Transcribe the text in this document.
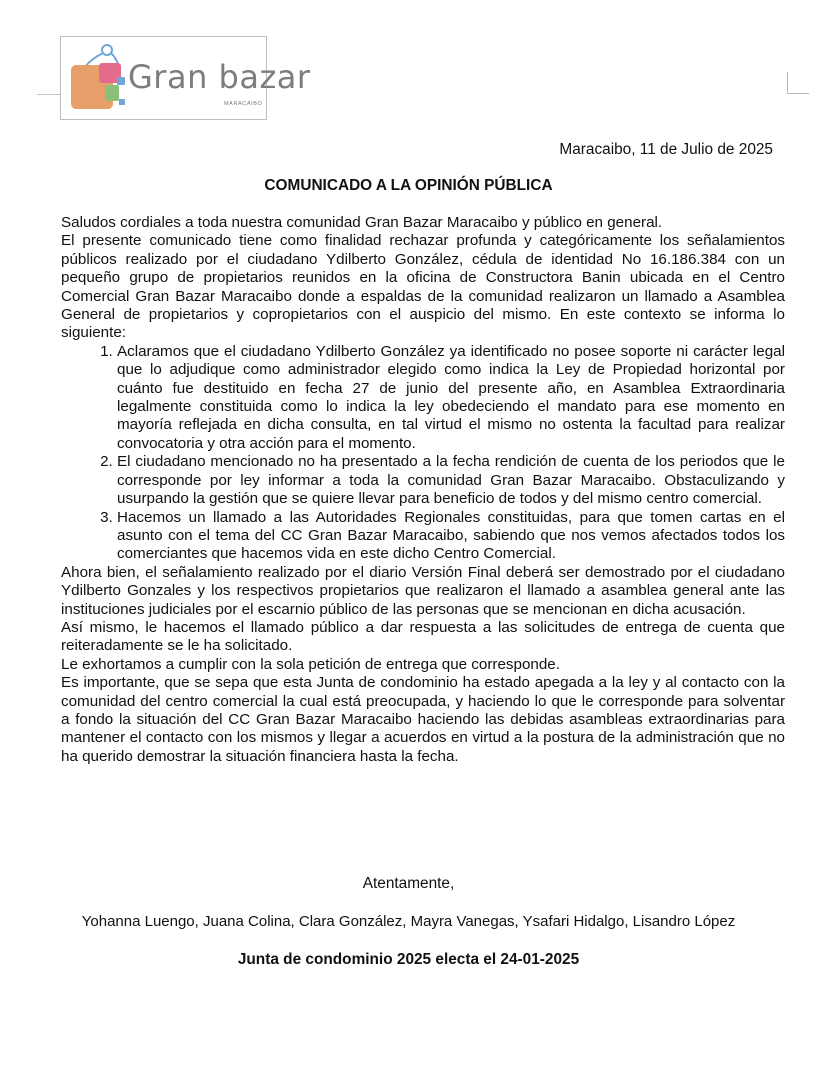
Gran bazar
MARACAIBO
Maracaibo, 11 de Julio de 2025
COMUNICADO A LA OPINIÓN PÚBLICA

Saludos cordiales a toda nuestra comunidad Gran Bazar Maracaibo y público en general.

El presente comunicado tiene como finalidad rechazar profunda y categóricamente los señalamientos públicos realizado por el ciudadano Ydilberto González, cédula de identidad No 16.186.384 con un pequeño grupo de propietarios reunidos en la oficina de Constructora Banin ubicada en el Centro Comercial Gran Bazar Maracaibo donde a espaldas de la comunidad realizaron un llamado a Asamblea General de propietarios y copropietarios con el auspicio del mismo. En este contexto se informa lo siguiente:

1. Aclaramos que el ciudadano Ydilberto González ya identificado no posee soporte ni carácter legal que lo adjudique como administrador elegido como indica la Ley de Propiedad horizontal por cuánto fue destituido en fecha 27 de junio del presente año, en Asamblea Extraordinaria legalmente constituida como lo indica la ley obedeciendo el mandato para ese momento en mayoría reflejada en dicha consulta, en tal virtud el mismo no ostenta la facultad para realizar convocatoria y otra acción para el momento.
2. El ciudadano mencionado no ha presentado a la fecha rendición de cuenta de los periodos que le corresponde por ley informar a toda la comunidad Gran Bazar Maracaibo. Obstaculizando y usurpando la gestión que se quiere llevar para beneficio de todos y del mismo centro comercial.
3. Hacemos un llamado a las Autoridades Regionales constituidas, para que tomen cartas en el asunto con el tema del CC Gran Bazar Maracaibo, sabiendo que nos vemos afectados todos los comerciantes que hacemos vida en este dicho Centro Comercial.

Ahora bien, el señalamiento realizado por el diario Versión Final deberá ser demostrado por el ciudadano Ydilberto Gonzales y los respectivos propietarios que realizaron el llamado a asamblea general ante las instituciones judiciales por el escarnio público de las personas que se mencionan en dicha acusación.

Así mismo, le hacemos el llamado público a dar respuesta a las solicitudes de entrega de cuenta que reiteradamente se le ha solicitado.

Le exhortamos a cumplir con la sola petición de entrega que corresponde.

Es importante, que se sepa que esta Junta de condominio ha estado apegada a la ley y al contacto con la comunidad del centro comercial la cual está preocupada, y haciendo lo que le corresponde para solventar a fondo la situación del CC Gran Bazar Maracaibo haciendo las debidas asambleas extraordinarias para mantener el contacto con los mismos y llegar a acuerdos en virtud a la postura de la administración que no ha querido demostrar la situación financiera hasta la fecha.

Atentamente,
Yohanna Luengo, Juana Colina, Clara González, Mayra Vanegas, Ysafari Hidalgo, Lisandro López
Junta de condominio 2025 electa el 24-01-2025
